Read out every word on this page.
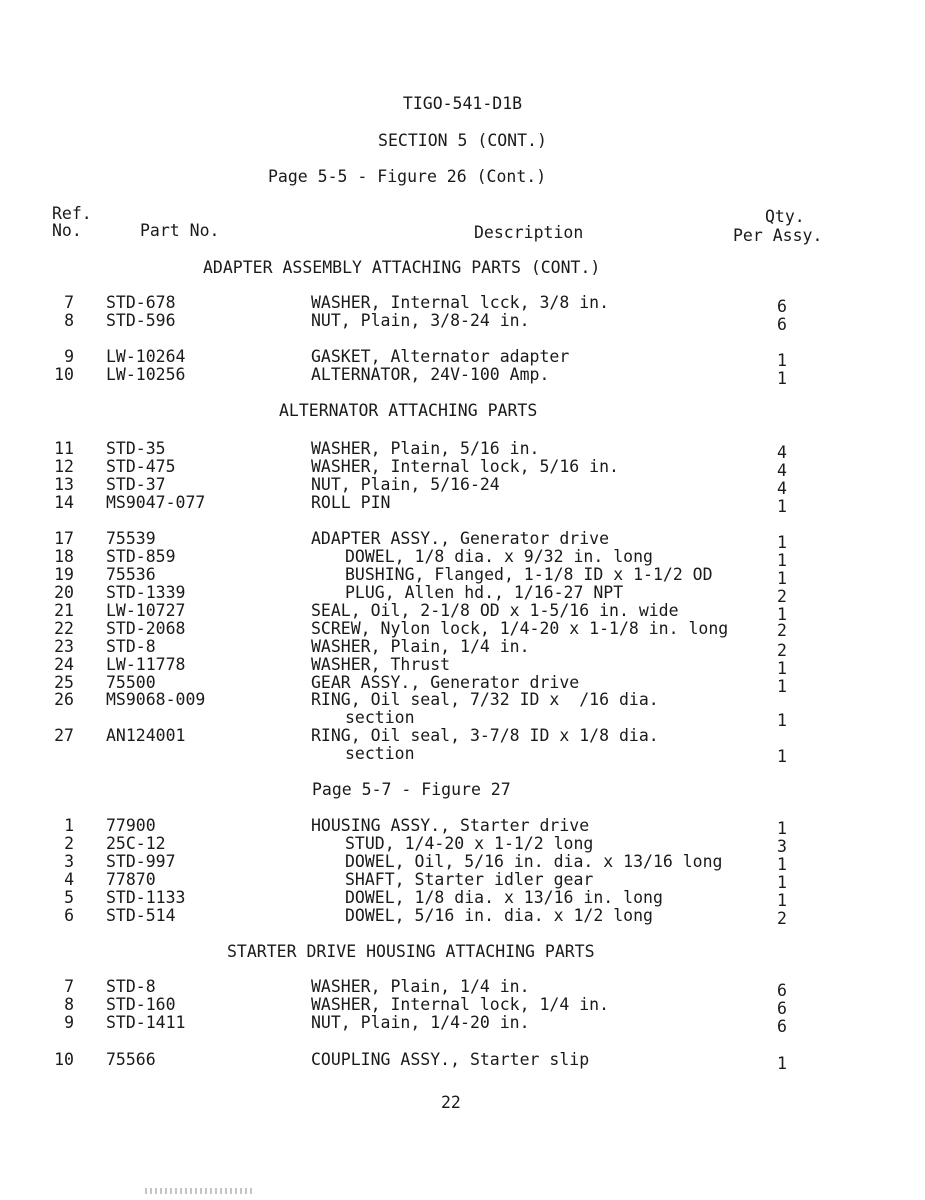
TIGO-541-D1B
SECTION 5 (CONT.)
Page 5-5 - Figure 26 (Cont.)
Ref.
No.	Part No.	Description
Qty.
Per Assy.
ADAPTER ASSEMBLY ATTACHING PARTS (CONT.)
7 STD-678	WASHER, Internal lcck, 3/8 in.	6
8 STD-596	NUT, Plain, 3/8-24 in.	6
9 LW-10264	GASKET, Alternator adapter	1
10 LW-10256	ALTERNATOR, 24V-100 Amp.	1
ALTERNATOR ATTACHING PARTS
11 STD-35	WASHER, Plain, 5/16 in.	4
12 STD-475	WASHER, Internal lock, 5/16 in.	4
13 STD-37	NUT, Plain, 5/16-24	4
14 MS9047-077	ROLL PIN	1
17 75539	ADAPTER ASSY., Generator drive	1
18 STD-859	DOWEL, 1/8 dia. x 9/32 in. long	1
19 75536	BUSHING, Flanged, 1-1/8 ID x 1-1/2 OD	1
20 STD-1339	PLUG, Allen hd., 1/16-27 NPT	2
21 LW-10727	SEAL, Oil, 2-1/8 OD x 1-5/16 in. wide	1
22 STD-2068	SCREW, Nylon lock, 1/4-20 x 1-1/8 in. long	2
23 STD-8	WASHER, Plain, 1/4 in.	2
24 LW-11778	WASHER, Thrust	1
25 75500	GEAR ASSY., Generator drive	1
26 MS9068-009	RING, Oil seal, 7/32 ID x  /16 dia.
section	1
27 AN124001	RING, Oil seal, 3-7/8 ID x 1/8 dia.
section	1
Page 5-7 - Figure 27
1 77900	HOUSING ASSY., Starter drive	1
2 25C-12	STUD, 1/4-20 x 1-1/2 long	3
3 STD-997	DOWEL, Oil, 5/16 in. dia. x 13/16 long	1
4 77870	SHAFT, Starter idler gear	1
5 STD-1133	DOWEL, 1/8 dia. x 13/16 in. long	1
6 STD-514	DOWEL, 5/16 in. dia. x 1/2 long	2
STARTER DRIVE HOUSING ATTACHING PARTS
7 STD-8	WASHER, Plain, 1/4 in.	6
8 STD-160	WASHER, Internal lock, 1/4 in.	6
9 STD-1411	NUT, Plain, 1/4-20 in.	6
10 75566	COUPLING ASSY., Starter slip	1
22
